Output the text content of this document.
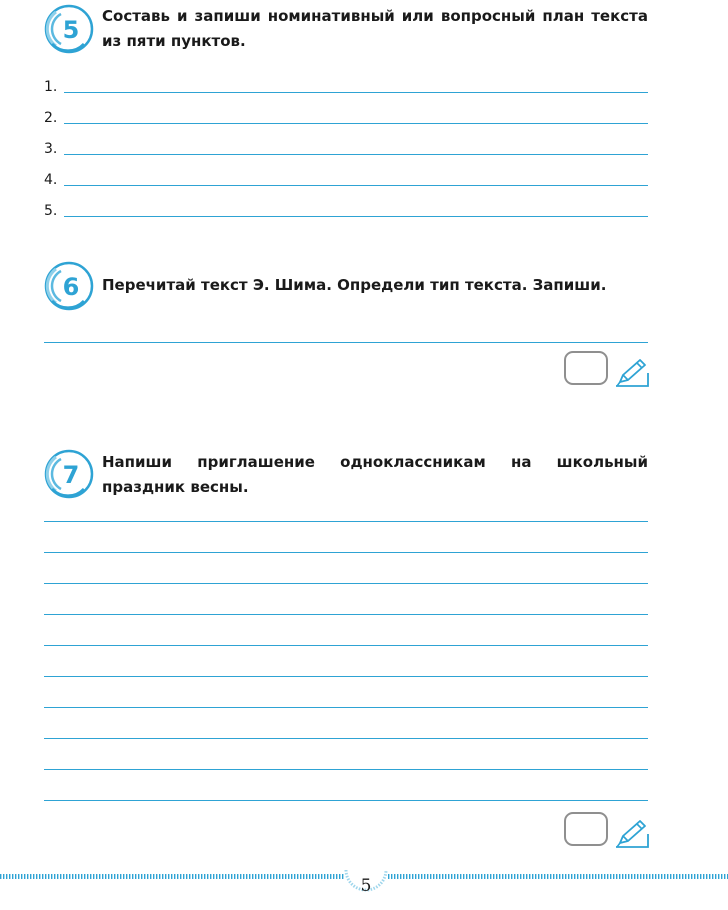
5	Составь и запиши номинативный или вопросный план текста из пяти пунктов.
1.
2.
3.
4.
5.
6	Перечитай текст Э. Шима. Определи тип текста. Запиши.
7	Напиши приглашение одноклассникам на школьный праздник весны.
5
